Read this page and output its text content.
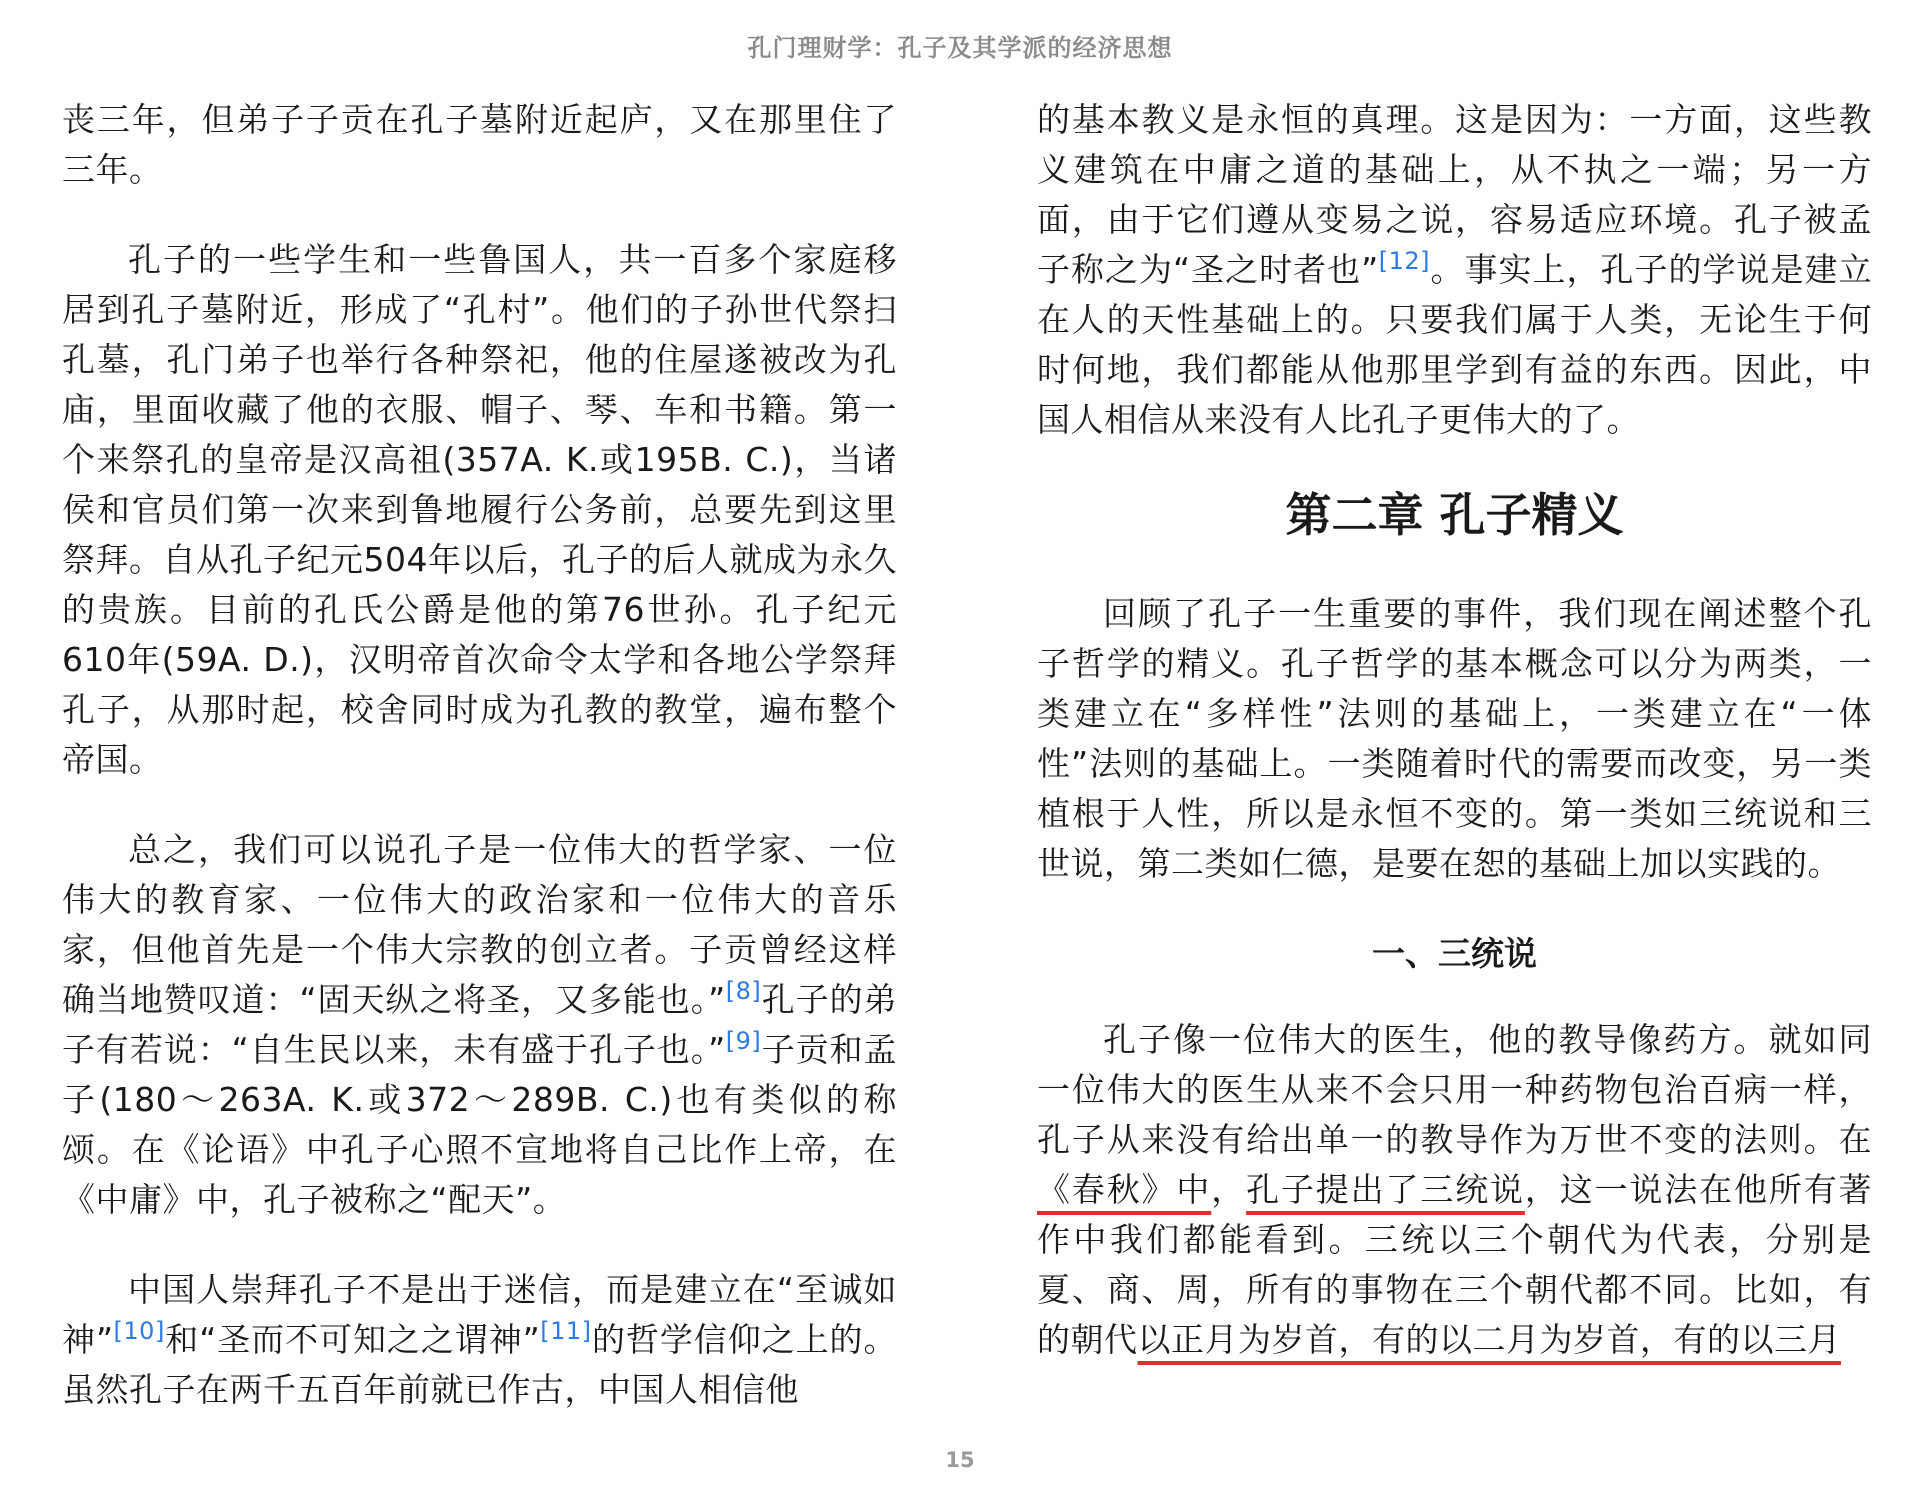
孔门理财学：孔子及其学派的经济思想

丧三年，但弟子子贡在孔子墓附近起庐，又在那里住了三年。

孔子的一些学生和一些鲁国人，共一百多个家庭移居到孔子墓附近，形成了“孔村”。他们的子孙世代祭扫孔墓，孔门弟子也举行各种祭祀，他的住屋遂被改为孔庙，里面收藏了他的衣服、帽子、琴、车和书籍。第一个来祭孔的皇帝是汉高祖(357A. K.或195B. C.)，当诸侯和官员们第一次来到鲁地履行公务前，总要先到这里祭拜。自从孔子纪元504年以后，孔子的后人就成为永久的贵族。目前的孔氏公爵是他的第76世孙。孔子纪元610年(59A. D.)，汉明帝首次命令太学和各地公学祭拜孔子，从那时起，校舍同时成为孔教的教堂，遍布整个帝国。

总之，我们可以说孔子是一位伟大的哲学家、一位伟大的教育家、一位伟大的政治家和一位伟大的音乐家，但他首先是一个伟大宗教的创立者。子贡曾经这样确当地赞叹道：“固天纵之将圣，又多能也。”[8]孔子的弟子有若说：“自生民以来，未有盛于孔子也。”[9]子贡和孟子(180～263A. K.或372～289B. C.)也有类似的称颂。在《论语》中孔子心照不宣地将自己比作上帝，在《中庸》中，孔子被称之“配天”。

中国人崇拜孔子不是出于迷信，而是建立在“至诚如神”[10]和“圣而不可知之之谓神”[11]的哲学信仰之上的。虽然孔子在两千五百年前就已作古，中国人相信他

的基本教义是永恒的真理。这是因为：一方面，这些教义建筑在中庸之道的基础上，从不执之一端；另一方面，由于它们遵从变易之说，容易适应环境。孔子被孟子称之为“圣之时者也”[12]。事实上，孔子的学说是建立在人的天性基础上的。只要我们属于人类，无论生于何时何地，我们都能从他那里学到有益的东西。因此，中国人相信从来没有人比孔子更伟大的了。

第二章 孔子精义

回顾了孔子一生重要的事件，我们现在阐述整个孔子哲学的精义。孔子哲学的基本概念可以分为两类，一类建立在“多样性”法则的基础上，一类建立在“一体性”法则的基础上。一类随着时代的需要而改变，另一类植根于人性，所以是永恒不变的。第一类如三统说和三世说，第二类如仁德，是要在恕的基础上加以实践的。

一、三统说

孔子像一位伟大的医生，他的教导像药方。就如同一位伟大的医生从来不会只用一种药物包治百病一样，孔子从来没有给出单一的教导作为万世不变的法则。在《春秋》中，孔子提出了三统说，这一说法在他所有著作中我们都能看到。三统以三个朝代为代表，分别是夏、商、周，所有的事物在三个朝代都不同。比如，有的朝代以正月为岁首，有的以二月为岁首，有的以三月

15
